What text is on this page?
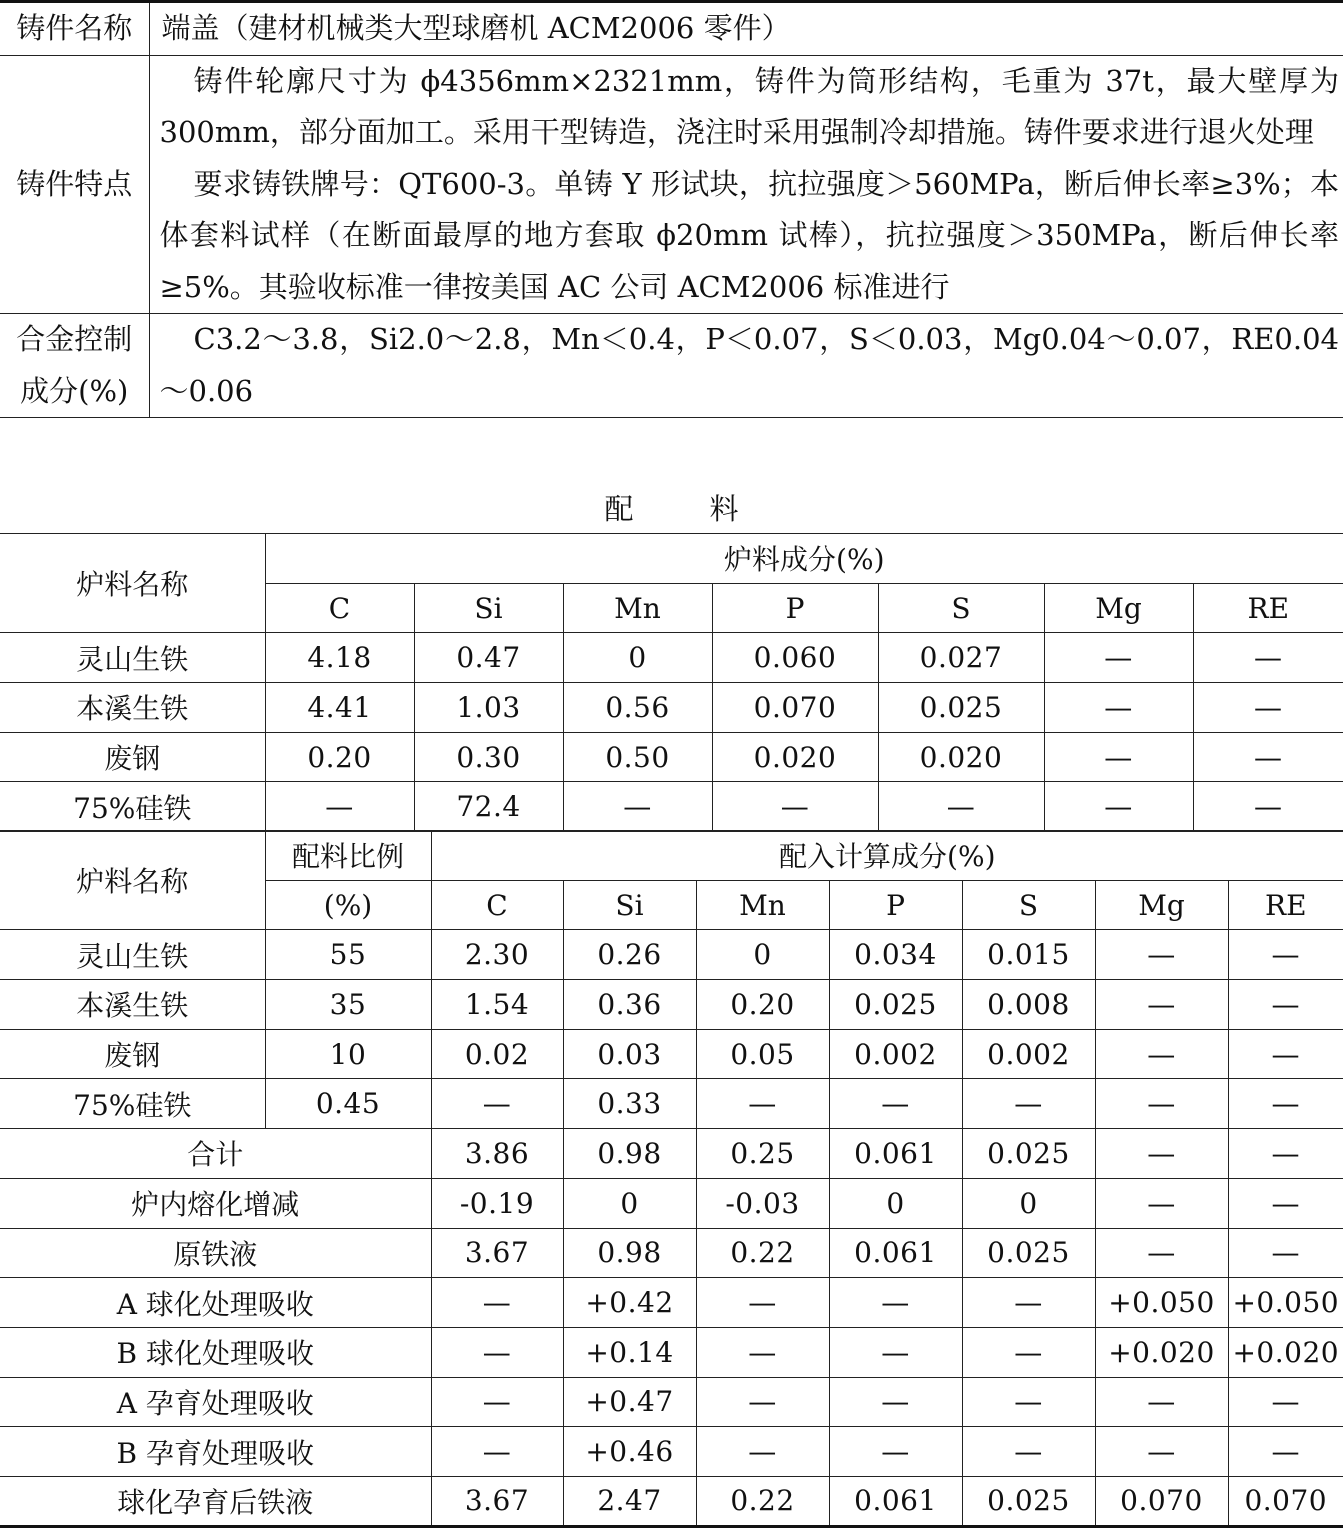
铸件名称	端盖（建材机械类大型球磨机 ACM2006 零件）
铸件特点	铸件轮廓尺寸为 ϕ4356mm×2321mm，铸件为筒形结构，毛重为 37t，最大壁厚为 300mm，部分面加工。采用干型铸造，浇注时采用强制冷却措施。铸件要求进行退火处理

要求铸铁牌号：QT600-3。单铸 Y 形试块，抗拉强度＞560MPa，断后伸长率≥3%；本体套料试样（在断面最厚的地方套取 ϕ20mm 试棒），抗拉强度＞350MPa，断后伸长率≥5%。其验收标准一律按美国 AC 公司 ACM2006 标准进行

合金控制
成分(%)	C3.2～3.8，Si2.0～2.8，Mn＜0.4，P＜0.07，S＜0.03，Mg0.04～0.07，RE0.04～0.06

配	料
炉料名称	炉料成分(%)						
	C	Si	Mn	P	S	Mg	RE
灵山生铁	4.18	0.47	0	0.060	0.027	—	—
本溪生铁	4.41	1.03	0.56	0.070	0.025	—	—
废钢	0.20	0.30	0.50	0.020	0.020	—	—
75%硅铁	—	72.4	—	—	—	—	—
炉料名称	配料比例	配入计算成分(%)						
	(%)	C	Si	Mn	P	S	Mg	RE
灵山生铁	55	2.30	0.26	0	0.034	0.015	—	—
本溪生铁	35	1.54	0.36	0.20	0.025	0.008	—	—
废钢	10	0.02	0.03	0.05	0.002	0.002	—	—
75%硅铁	0.45	—	0.33	—	—	—	—	—
合计		3.86	0.98	0.25	0.061	0.025	—	—
炉内熔化增减		-0.19	0	-0.03	0	0	—	—
原铁液		3.67	0.98	0.22	0.061	0.025	—	—
A 球化处理吸收		—	+0.42	—	—	—	+0.050	+0.050
B 球化处理吸收		—	+0.14	—	—	—	+0.020	+0.020
A 孕育处理吸收		—	+0.47	—	—	—	—	—
B 孕育处理吸收		—	+0.46	—	—	—	—	—
球化孕育后铁液		3.67	2.47	0.22	0.061	0.025	0.070	0.070
